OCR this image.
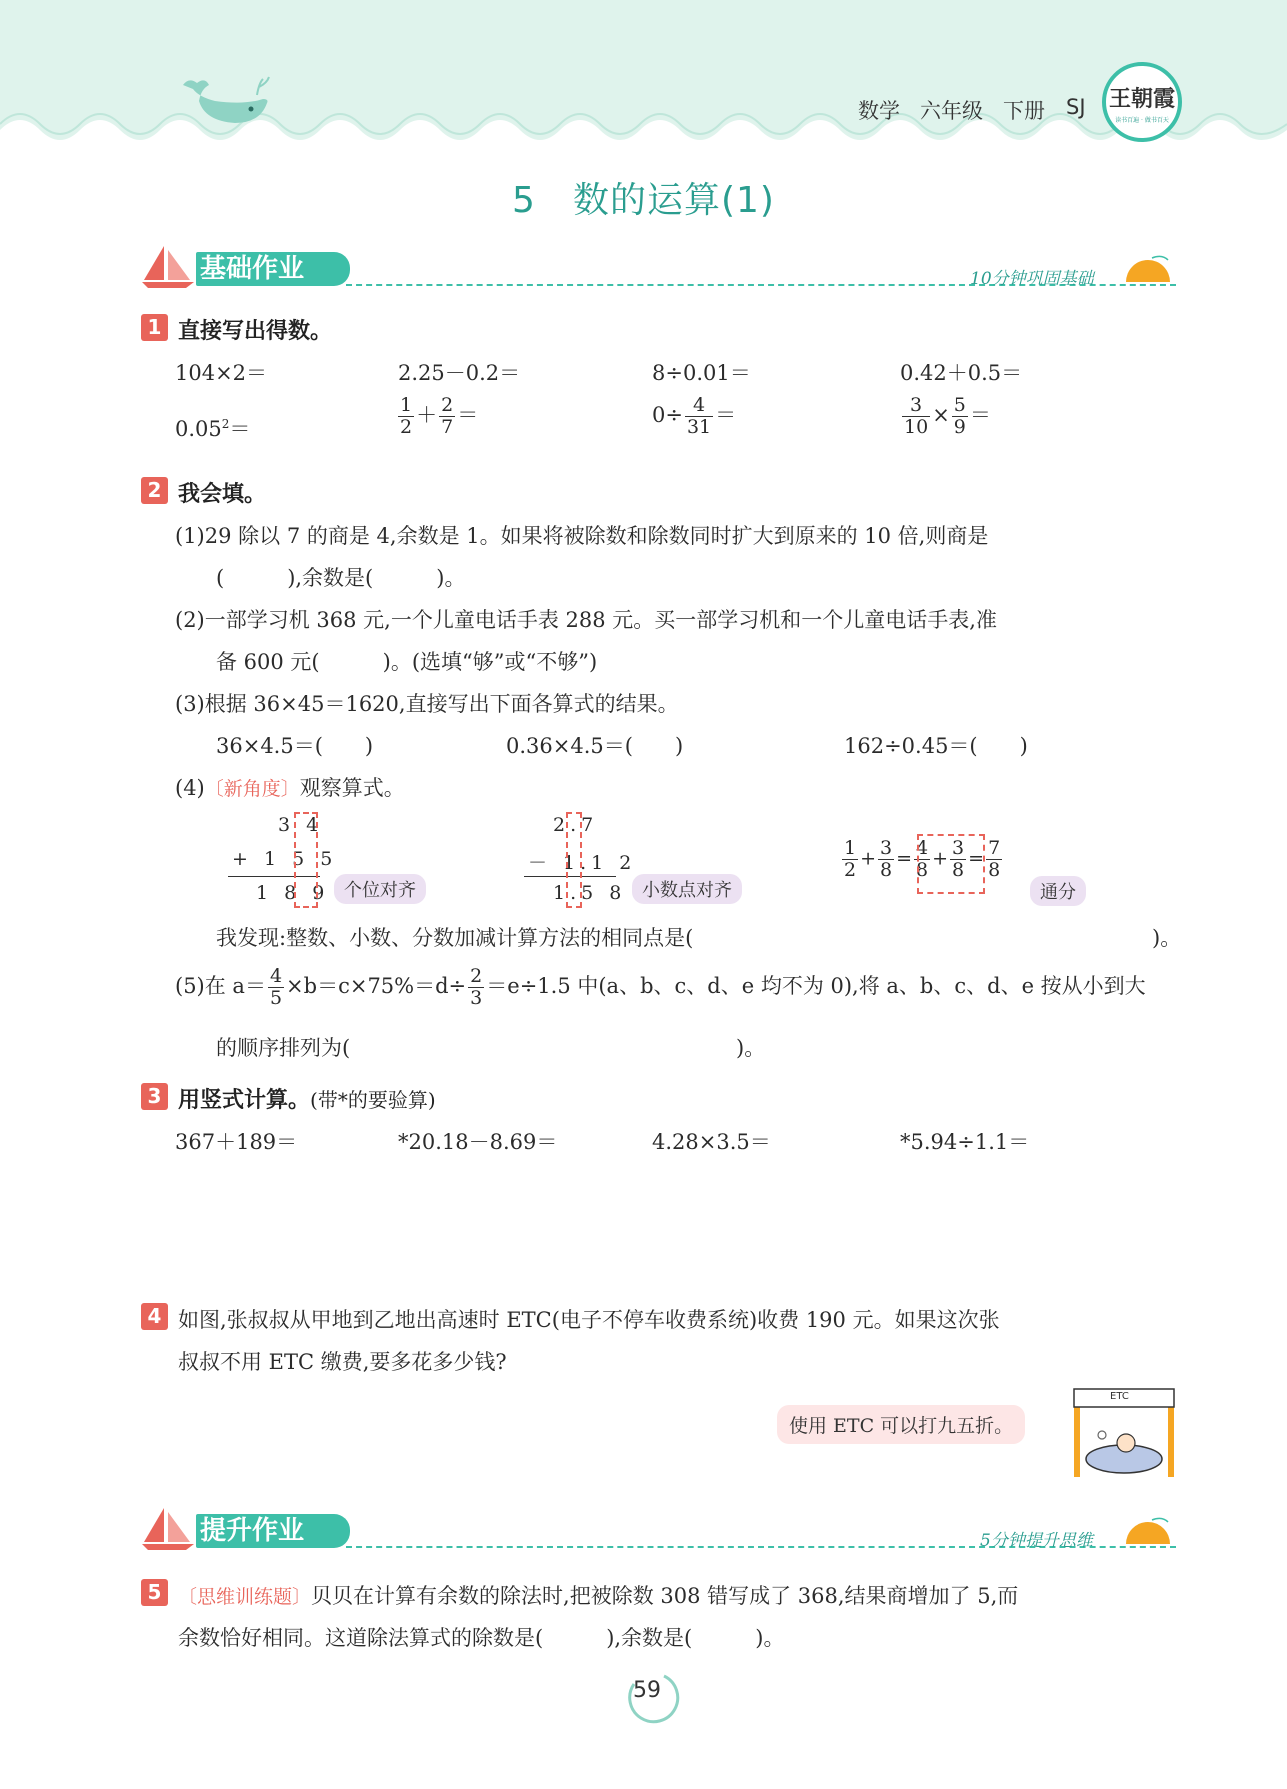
数学 六年级 下册 SJ 王朝霞
读书百遍 · 做书百天
5　数的运算(1)
基础作业	10分钟巩固基础
1 直接写出得数。
104×2＝	2.25－0.2＝	8÷0.01＝	0.42＋0.5＝
$0.05^2=$	$\frac{1}{2} + \frac{2}{7}$ ＝	$0\div \frac{4}{31}$ ＝	$\frac{3}{10} \times \frac{5}{9}$ ＝
2 我会填。
(1)29 除以 7 的商是 4,余数是 1。如果将被除数和除数同时扩大到原来的 10 倍,则商是
(　　　),余数是(　　　)。
(2)一部学习机 368 元,一个儿童电话手表 288 元。买一部学习机和一个儿童电话手表,准
备 600 元(　　　)。(选填“够”或“不够”)
(3)根据 36×45＝1620,直接写出下面各算式的结果。
36×4.5＝(　　)	0.36×4.5＝(　　)	162÷0.45＝(　　)
(4)〔新角度〕观察算式。
3 4
+ 1 5 5
1 8 9 个位对齐
2.7
－ 1.1 2
1.5 8 小数点对齐
$\frac{1}{2} + \frac{3}{8} = \frac{4}{8} + \frac{3}{8} = \frac{7}{8}$
通分
我发现:整数、小数、分数加减计算方法的相同点是(	)。
(5)在 $a= \frac{4}{5} \times b=c\times 75\%=d\div \frac{2}{3} =e\div 1.5$ 中(a、b、c、d、e 均不为 0),将 a、b、c、d、e 按从小到大
的顺序排列为(	)。
3 用竖式计算。(带*的要验算)
367＋189＝	*20.18－8.69＝	4.28×3.5＝	*5.94÷1.1＝
4 如图,张叔叔从甲地到乙地出高速时 ETC(电子不停车收费系统)收费 190 元。如果这次张
叔叔不用 ETC 缴费,要多花多少钱?
使用 ETC 可以打九五折。
ETC
提升作业	5分钟提升思维
5 〔思维训练题〕贝贝在计算有余数的除法时,把被除数 308 错写成了 368,结果商增加了 5,而
余数恰好相同。这道除法算式的除数是(　　　),余数是(　　　)。
59
